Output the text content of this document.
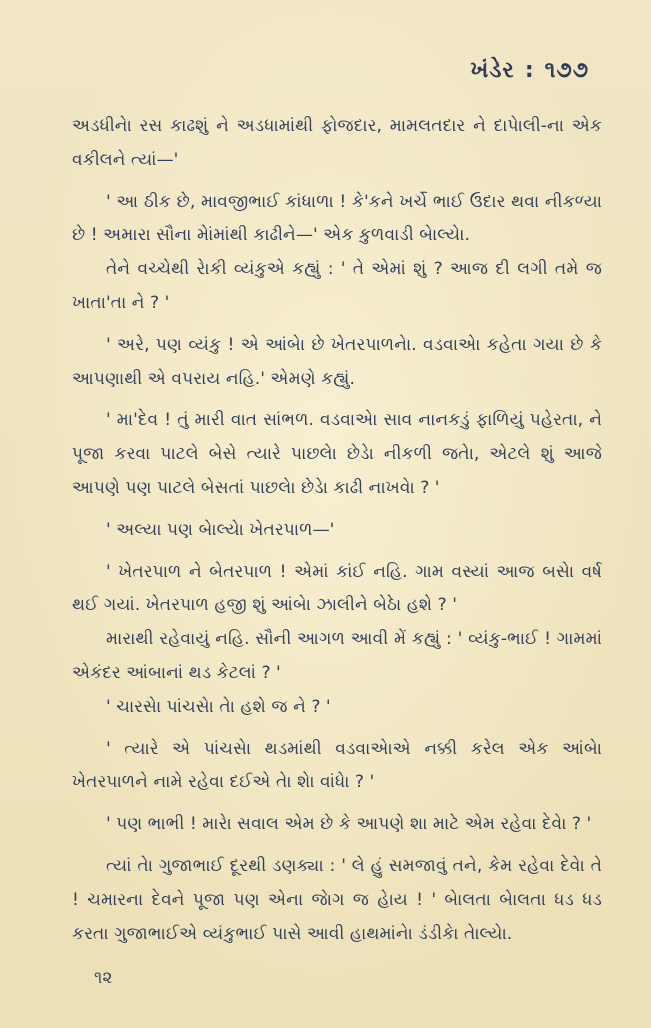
ખંડેર : ૧૭૭

અડધીનેા રસ કાઢશું ને અડધામાંથી ફોજદાર, મામલતદાર ને દાપેાલી-ના એક વકીલને ત્યાં—'

' આ ઠીક છે, માવજીભાઈ કાંધાળા ! કે'કને ખર્ચે ભાઈ ઉદાર થવા નીકળ્યા છે ! અમારા સૌના મેાંમાંથી કાઢીને—' એક કુળવાડી બેાલ્યેા.

તેને વચ્ચેથી રેાકી વ્યંકુએ કહ્યું : ' તે એમાં શું ? આજ દી લગી તમે જ ખાતા'તા ને ? '

' અરે, પણ વ્યંકુ ! એ આંબેા છે ખેતરપાળનેા. વડવાએા કહેતા ગયા છે કે આપણાથી એ વપરાય નહિ.' એમણે કહ્યું.

' મા'દેવ ! તું મારી વાત સાંભળ. વડવાએા સાવ નાનકડું ફાળિયું પહેરતા, ને પૂજા કરવા પાટલે બેસે ત્યારે પાછલેા છેડેા નીકળી જતેા, એટલે શું આજે આપણે પણ પાટલે બેસતાં પાછલેા છેડેા કાઢી નાખવેા ? '

' અલ્યા પણ બેાલ્યેા ખેતરપાળ—'

' ખેતરપાળ ને બેતરપાળ ! એમાં કાંઈ નહિ. ગામ વસ્યાં આજ બસેા વર્ષ થઈ ગયાં. ખેતરપાળ હજી શું આંબેા ઝાલીને બેઠેા હશે ? '

મારાથી રહેવાયું નહિ. સૌની આગળ આવી મેં કહ્યું : ' વ્યંકુ-ભાઈ ! ગામમાં એકંદર આંબાનાં થડ કેટલાં ? '

' ચારસેા પાંચસેા તેા હશે જ ને ? '

' ત્યારે એ પાંચસેા થડમાંથી વડવાએાએ નક્કી કરેલ એક આંબેા ખેતરપાળને નામે રહેવા દઈએ તેા શેા વાંધેા ? '

' પણ ભાભી ! મારેા સવાલ એમ છે કે આપણે શા માટે એમ રહેવા દેવેા ? '

ત્યાં તેા ગુજાભાઈ દૂરથી ડણક્યા : ' લે હું સમજાવું તને, કેમ રહેવા દેવેા તે ! ચમારના દેવને પૂજા પણ એના જેાગ જ હેાય ! ' બેાલતા બેાલતા ધડ ધડ કરતા ગુજાભાઈએ વ્યંકુભાઈ પાસે આવી હાથમાંનેા ડંડીકેા તેાલ્યેા.

૧૨
